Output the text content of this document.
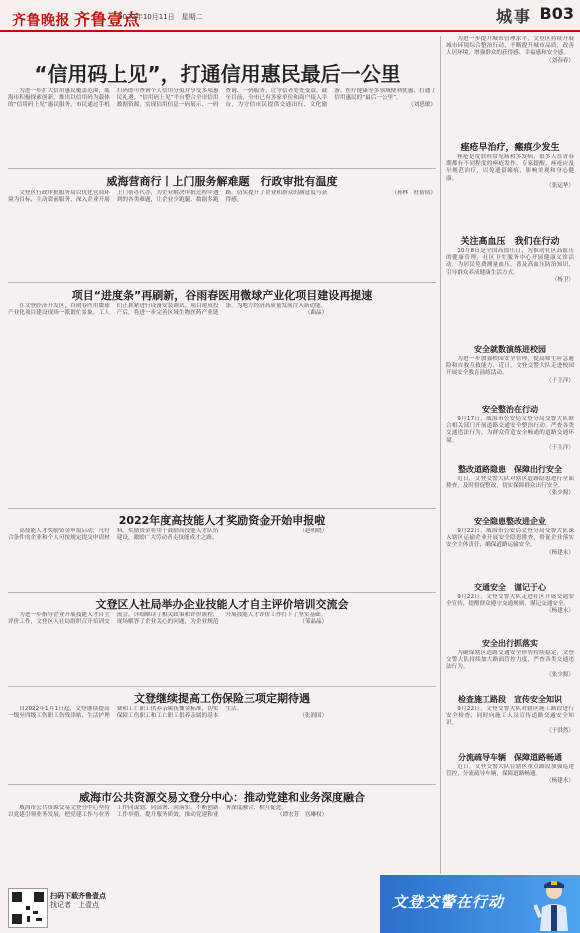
齐鲁晚报 齐鲁壹点
2022年10月11日　星期二	城事 B03
“信用码上见”，打通信用惠民最后一公里

为进一步扩大信用惠民覆盖范围，威海市积极探索创新，推出以信用码为载体的“信用码上见”惠民服务，市民通过手机扫码即可查询个人信用分值并享受多项惠民礼遇。“信用码上见”平台整合全市信用数据资源，实现信用信息一码展示、一码查询、一码服务，让守信者处处受益。截至目前，全市已有多家单位和商户接入平台，为守信市民提供交通出行、文化旅游、医疗健康等多领域便利优惠，打通了信用惠民的“最后一公里”。

（刘思敏）

威海营商行丨上门服务解难题　行政审批有温度

文登区行政审批服务局以优化营商环境为目标，主动靠前服务，深入企业开展上门帮办代办，为企业解决审批过程中遇到的各类难题，让企业少跑腿、数据多跑路，切实提升了企业和群众的满意度与获得感。

（孙林　杜倩倩）

项目“进度条”再刷新，谷雨春医用微球产业化项目建设再提速

在文登经济开发区，谷雨春医用微球产业化项目建设现场一派繁忙景象，工人们正抓紧进行设备安装调试。项目建成投产后，将进一步完善区域生物医药产业链条，为地方经济高质量发展注入新动能。

（曲晶）

2022年度高技能人才奖励资金开始申报啦

高技能人才奖励资金申报启动，凡符合条件的企业和个人可按规定提交申请材料。奖励资金将用于鼓励高技能人才队伍建设，激励广大劳动者走技能成才之路。

（赵明晓）

文登区人社局举办企业技能人才自主评价培训交流会

为进一步指导企业开展技能人才自主评价工作，文登区人社局组织召开培训交流会，详细解读了相关政策和评价流程，现场解答了企业关心的问题，为企业规范开展技能人才评价工作打下了坚实基础。

（邹晶晶）

文登继续提高工伤保险三项定期待遇

自2022年1月1日起，文登继续提高一级至四级工伤职工伤残津贴、生活护理费和工亡职工供养亲属抚恤金标准，切实保障工伤职工和工亡职工供养亲属的基本生活。

（张润国）

威海市公共资源交易文登分中心：推动党建和业务深度融合

威海市公共资源交易文登分中心坚持以党建引领业务发展，把党建工作与业务工作同谋划、同部署、同落实，不断创新工作举措，提升服务质效，推动党建和业务深度融合、相互促进。

（谭宏芳　宫琳权）

为进一步提升城市管理水平，文登区持续开展城市环境综合整治行动，不断提升城市品质，改善人居环境，增强群众的获得感、幸福感和安全感。

（刘春春）

痤疮早治疗，瘢痕少发生

痤疮是皮肤科常见病和多发病，很多人在青春期都有不同程度的痤疮发作。专家提醒，痤疮应及早规范治疗，以免遗留瘢痕，影响美观和身心健康。

（张运华）

关注高血压　我们在行动

10月8日是全国高血压日，为推动社区高血压的健康管理，社区卫生服务中心开展健康义诊活动，为居民免费测量血压，普及高血压防治知识，引导群众养成健康生活方式。

（杨卫）

安全就数演练进校园

为进一步加强校园安全管理，提高师生应急避险和自救互救能力，近日，文登交警大队走进校园开展安全教育演练活动。

（于主洋）

安全整治在行动

9月17日，威海市公安局文登分局交警大队联合相关部门开展道路交通安全整治行动，严查各类交通违法行为，为群众营造安全畅通的道路交通环境。

（于主洋）

整改道路隐患　保障出行安全

近日，文登交警大队对辖区道路隐患进行全面排查，及时督促整改，切实保障群众出行安全。

（张少源）

安全隐患整改进企业

9月22日，威海市公安局文登分局交警大队深入辖区运输企业开展安全隐患排查，督促企业落实安全主体责任，确保道路运输安全。

（杨建永）

交通安全　谨记于心

9月22日，文登交警大队走进社区开展交通安全宣传，提醒群众遵守交通规则，谨记交通安全。

（杨建永）

安全出行抓落实

为确保辖区道路交通安全形势持续稳定，文登交警大队持续加大路面管控力度，严查各类交通违法行为。

（张少源）

检查施工路段　宣传安全知识

9月22日，文登交警大队对辖区施工路段进行安全检查，同时向施工人员宣传道路交通安全知识。

（于洪然）

分流疏导车辆　保障道路畅通

近日，文登交警大队在辖区重点路段加强巡逻管控，分流疏导车辆，保障道路畅通。

（杨建永）

扫码下载齐鲁壹点
找记者　上壹点	文登交警在行动
